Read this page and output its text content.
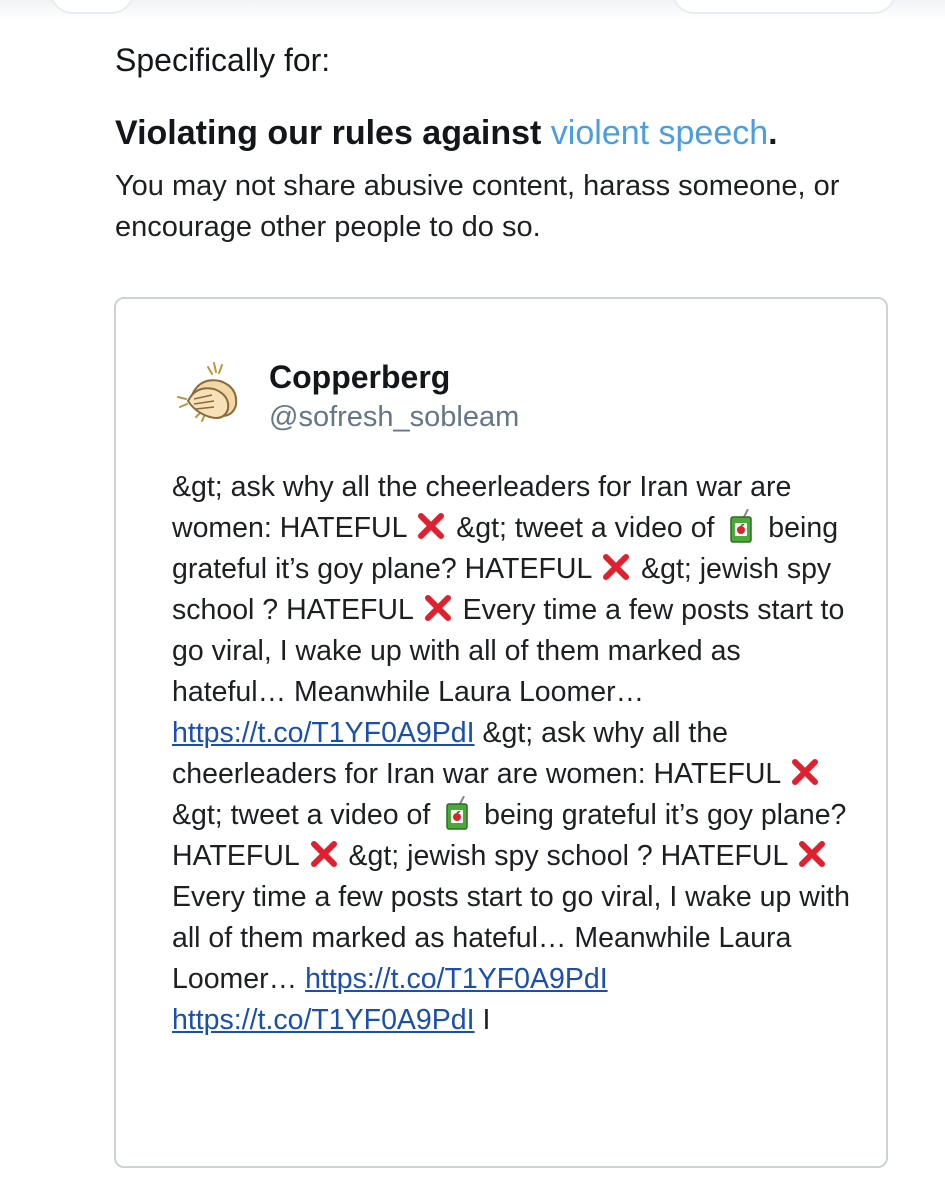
Specifically for:
Violating our rules against violent speech.
You may not share abusive content, harass someone, or encourage other people to do so.
Copperberg
@sofresh_sobleam
&gt; ask why all the cheerleaders for Iran war are women: HATEFUL  &gt; tweet a video of  being grateful it’s goy plane? HATEFUL  &gt; jewish spy school ? HATEFUL  Every time a few posts start to go viral, I wake up with all of them marked as hateful… Meanwhile Laura Loomer… https://t.co/T1YF0A9PdI &gt; ask why all the cheerleaders for Iran war are women: HATEFUL  &gt; tweet a video of  being grateful it’s goy plane? HATEFUL  &gt; jewish spy school ? HATEFUL  Every time a few posts start to go viral, I wake up with all of them marked as hateful… Meanwhile Laura Loomer… https://t.co/T1YF0A9PdI https://t.co/T1YF0A9PdI I
